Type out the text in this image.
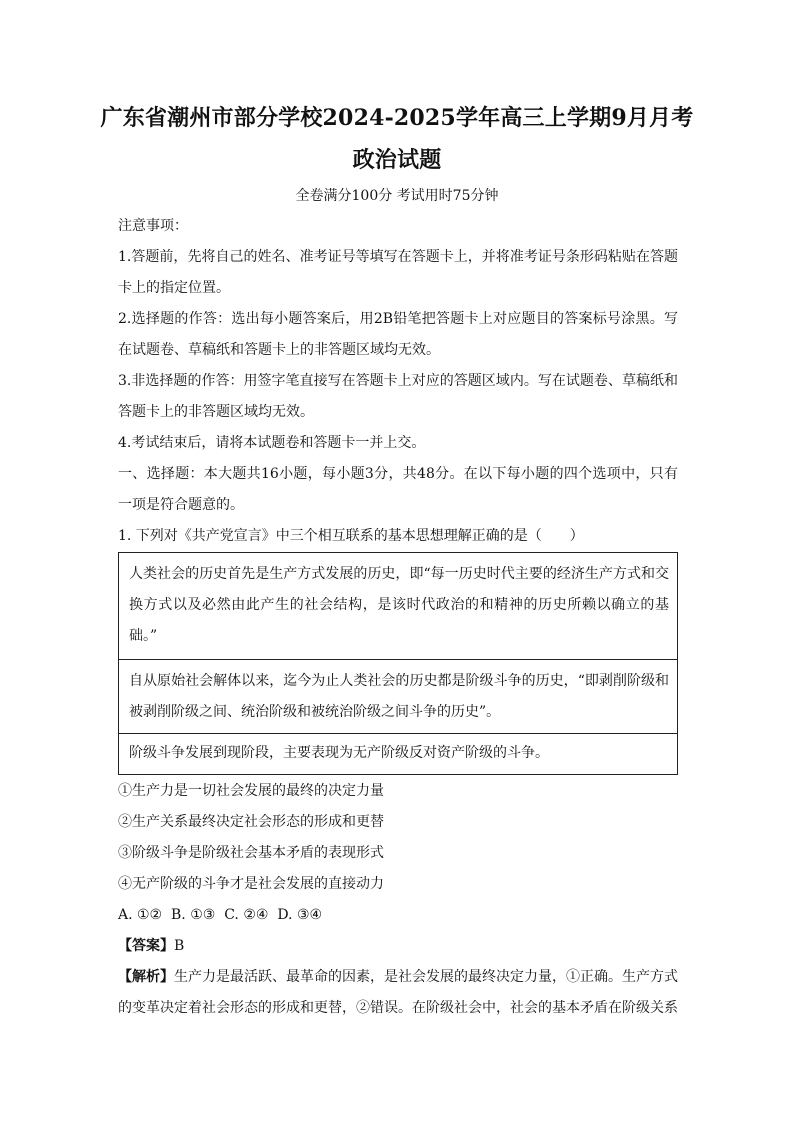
广东省潮州市部分学校2024-2025学年高三上学期9月月考
政治试题
全卷满分100分 考试用时75分钟
注意事项：
1.答题前，先将自己的姓名、准考证号等填写在答题卡上，并将准考证号条形码粘贴在答题卡上的指定位置。
2.选择题的作答：选出每小题答案后，用2B铅笔把答题卡上对应题目的答案标号涂黑。写在试题卷、草稿纸和答题卡上的非答题区域均无效。
3.非选择题的作答：用签字笔直接写在答题卡上对应的答题区域内。写在试题卷、草稿纸和答题卡上的非答题区域均无效。
4.考试结束后，请将本试题卷和答题卡一并上交。
一、选择题：本大题共16小题，每小题3分，共48分。在以下每小题的四个选项中，只有一项是符合题意的。
1. 下列对《共产党宣言》中三个相互联系的基本思想理解正确的是（　　）
人类社会的历史首先是生产方式发展的历史，即“每一历史时代主要的经济生产方式和交换方式以及必然由此产生的社会结构，是该时代政治的和精神的历史所赖以确立的基础。”
自从原始社会解体以来，迄今为止人类社会的历史都是阶级斗争的历史，“即剥削阶级和被剥削阶级之间、统治阶级和被统治阶级之间斗争的历史”。
阶级斗争发展到现阶段，主要表现为无产阶级反对资产阶级的斗争。
①生产力是一切社会发展的最终的决定力量
②生产关系最终决定社会形态的形成和更替
③阶级斗争是阶级社会基本矛盾的表现形式
④无产阶级的斗争才是社会发展的直接动力
A. ①②  B. ①③  C. ②④  D. ③④
【答案】B
【解析】生产力是最活跃、最革命的因素，是社会发展的最终决定力量，①正确。生产方式的变革决定着社会形态的形成和更替，②错误。在阶级社会中，社会的基本矛盾在阶级关系
